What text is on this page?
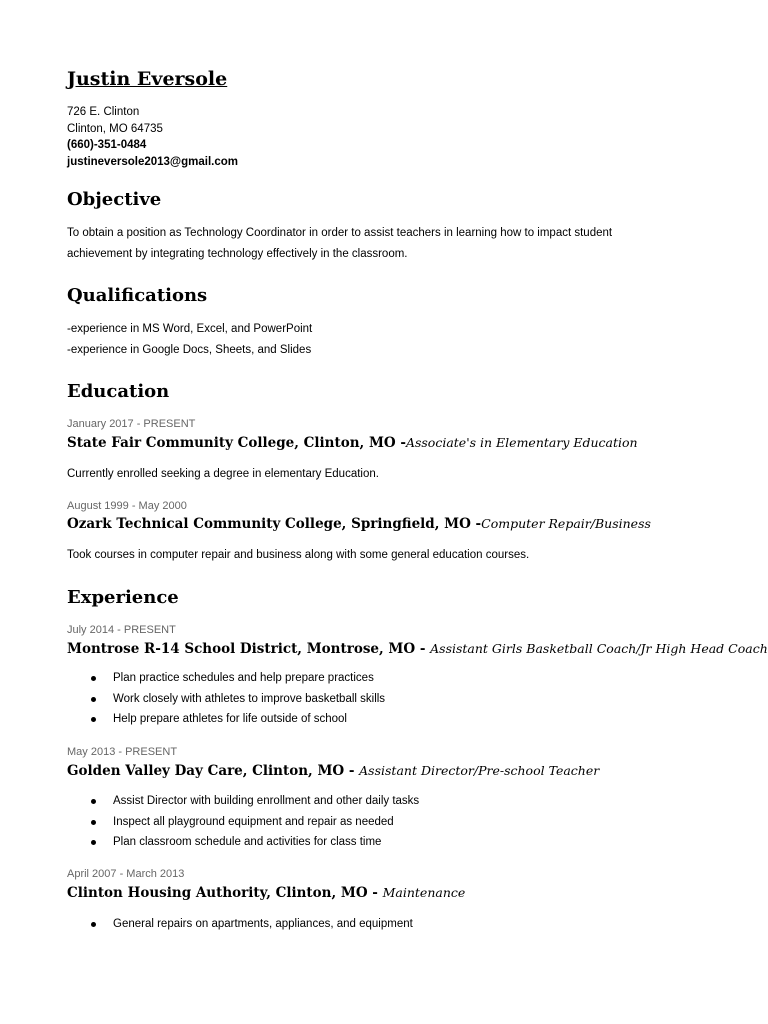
Justin Eversole
726 E. Clinton
Clinton, MO 64735
(660)-351-0484
justineversole2013@gmail.com
Objective
To obtain a position as Technology Coordinator in order to assist teachers in learning how to impact student
achievement by integrating technology effectively in the classroom.
Qualifications
-experience in MS Word, Excel, and PowerPoint
-experience in Google Docs, Sheets, and Slides
Education
January 2017 - PRESENT
State Fair Community College, Clinton, MO -Associate's in Elementary Education
Currently enrolled seeking a degree in elementary Education.
August 1999 - May 2000
Ozark Technical Community College, Springfield, MO -Computer Repair/Business
Took courses in computer repair and business along with some general education courses.
Experience
July 2014 - PRESENT
Montrose R-14 School District, Montrose, MO - Assistant Girls Basketball Coach/Jr High Head Coach
Plan practice schedules and help prepare practices
Work closely with athletes to improve basketball skills
Help prepare athletes for life outside of school
May 2013 - PRESENT
Golden Valley Day Care, Clinton, MO - Assistant Director/Pre-school Teacher
Assist Director with building enrollment and other daily tasks
Inspect all playground equipment and repair as needed
Plan classroom schedule and activities for class time
April 2007 - March 2013
Clinton Housing Authority, Clinton, MO - Maintenance
General repairs on apartments, appliances, and equipment
